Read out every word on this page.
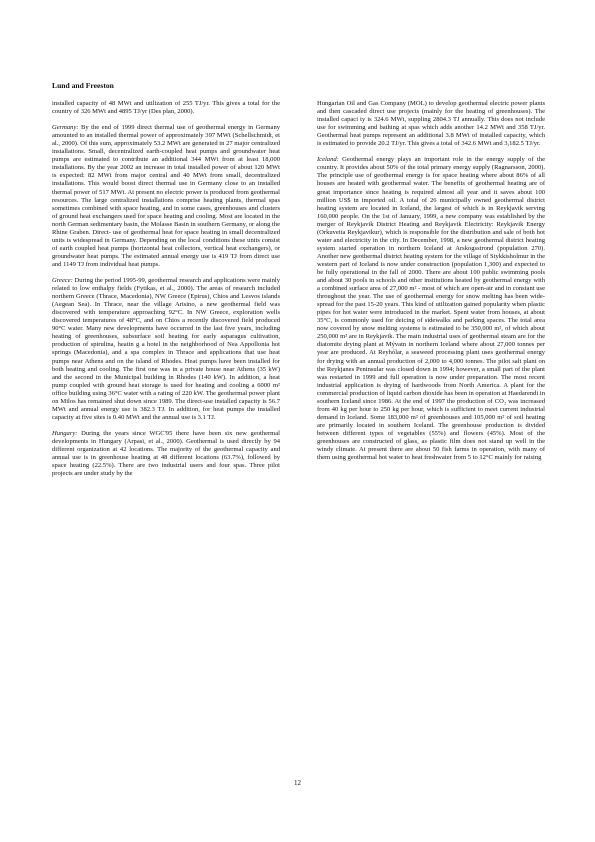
Lund and Freeston

installed capacity of 48 MWt and utilization of 255 TJ/yr. This gives a total for the country of 326 MWt and 4895 TJ/yr (Des plan, 2000).

Germany: By the end of 1999 direct thermal use of geothermal energy in Germany amounted to an installed thermal power of approximately 397 MWt (Schellschmidt, et al., 2000). Of this sum, approximately 53.2 MWt are generated in 27 major centralized installations. Small, decentralized earth-coupled heat pumps and groundwater heat pumps are estimated to contribute an additional 344 MWt from at least 18,000 installations. By the year 2002 an increase in total installed power of about 120 MWt is expected: 82 MWt from major central and 40 MWt from small, decentralized installations. This would boost direct thermal use in Germany close to an installed thermal power of 517 MWt. At present no electric power is produced from geothermal resources. The large centralized installations comprise heating plants, thermal spas sometimes combined with space heating, and in some cases, greenhouses and clusters of ground heat exchangers used for space heating and cooling. Most are located in the north German sedimentary basin, the Molasse Basin in southern Germany, or along the Rhine Graben. Direct- use of geothermal heat for space heating in small decentralized units is widespread in Germany. Depending on the local conditions these units consist of earth coupled heat pumps (horizontal heat collectors, vertical heat exchangers), or groundwater heat pumps. The estimated annual energy use is 419 TJ from direct use and 1149 TJ from individual heat pumps.

Greece: During the period 1995-99, geothermal research and applications were mainly related to low enthalpy fields (Fytikas, et al., 2000). The areas of research included northern Greece (Thrace, Macedonia), NW Greece (Epirus), Chios and Lesvos islands (Aegean Sea). In Thrace, near the village Arisino, a new geothermal field was discovered with temperature approaching 92°C. In NW Greece, exploration wells discovered temperatures of 48°C, and on Chios a recently discovered field produced 90°C water. Many new developments have occurred in the last five years, including heating of greenhouses, subsurface soil heating for early asparagus cultivation, production of spirulina, heatin g a hotel in the neighborhood of Nea Appollonia hot springs (Macedonia), and a spa complex in Thrace and applications that use heat pumps near Athens and on the island of Rhodes. Heat pumps have been installed for both heating and cooling. The first one was in a private house near Athens (35 kW) and the second in the Municipal building in Rhodes (140 kW). In addition, a heat pump coupled with ground heat storage is used for heating and cooling a 6000 m² office building using 36°C water with a rating of 220 kW. The geothermal power plant on Milos has remained shut down since 1989. The direct-use installed capacity is 56.7 MWt and annual energy use is 382.3 TJ. In addition, for heat pumps the installed capacity at five sites is 0.40 MWt and the annual use is 3.1 TJ.

Hungary: During the years since WGC'95 there have been six new geothermal developments in Hungary (Arpasi, et al., 2000). Geothermal is used directly by 94 different organization at 42 locations. The majority of the geothermal capacity and annual use is in greenhouse heating at 48 different locations (63.7%), followed by space heating (22.5%). There are two industrial users and four spas. Three pilot projects are under study by the

Hungarian Oil and Gas Company (MOL) to develop geothermal electric power plants and then cascaded direct use projects (mainly for the heating of greenhouses). The installed capaci ty is 324.6 MWt, suppling 2804.3 TJ annually. This does not include use for swimming and bathing at spas which adds another 14.2 MWt and 358 TJ/yr. Geothermal heat pumps represent an additional 3.8 MWt of installed capacity, which is estimated to provide 20.2 TJ/yr. This gives a total of 342.6 MWt and 3,182.5 TJ/yr.

Iceland: Geothermal energy plays an important role in the energy supply of the country. It provides about 50% of the total primary energy supply (Ragnarsson, 2000). The principle use of geothermal energy is for space heating where about 86% of all houses are heated with geothermal water. The benefits of geothermal heating are of great importance since heating is required almost all year and it saves about 100 million US$ in imported oil. A total of 26 municipally owned geothermal district heating system are located in Iceland, the largest of which is in Reykjavik serving 160,000 people. On the 1st of January, 1999, a new company was established by the merger of Reykjavik District Heating and Reykjavik Electricity: Reykjavik Energy (Orkuveita Reykjavikur), which is responsible for the distribution and sale of both hot water and electricity in the city. In December, 1998, a new geothermal district heating system started operation in northern Iceland at Arskogsstrond (population 270). Another new geothermal district heating system for the village of Stykkisholmur in the western part of Iceland is now under construction (population 1,300) and expected to be fully operational in the fall of 2000. There are about 100 public swimming pools and about 30 pools in schools and other institutions heated by geothermal energy with a combined surface area of 27,000 m² - most of which are open-air and in constant use throughout the year. The use of geothermal energy for snow melting has been wide-spread for the past 15-20 years. This kind of utilization gained popularity when plastic pipes for hot water were introduced in the market. Spent water from houses, at about 35°C, is commonly used for deicing of sidewalks and parking spaces. The total area now covered by snow melting systems is estimated to be 350,000 m², of which about 250,000 m² are in Reykjavik. The main industrial uses of geothermal steam are for the diatomite drying plant at Mývatn in northern Iceland where about 27,000 tonnes per year are produced. At Reyhólar, a seaweed processing plant uses geothermal energy for drying with an annual production of 2,000 to 4,000 tonnes. The pilot salt plant on the Reykjanes Peninsular was closed down in 1994; however, a small part of the plant was restarted in 1999 and full operation is now under preparation. The most recent industrial application is drying of hardwoods from North America. A plant for the commercial production of liquid carbon dioxide has been in operation at Haedarendi in southern Iceland since 1986. At the end of 1997 the production of CO₂ was increased from 40 kg per hour to 250 kg per hour, which is sufficient to meet current industrial demand in Iceland. Some 183,000 m² of greenhouses and 105,000 m² of soil heating are primarily located in southern Iceland. The greenhouse production is divided between different types of vegetables (55%) and flowers (45%). Most of the greenhouses are constructed of glass, as plastic film does not stand up well in the windy climate. At present there are about 50 fish farms in operation, with many of them using geothermal hot water to heat freshwater from 5 to 12°C mainly for raising

12
